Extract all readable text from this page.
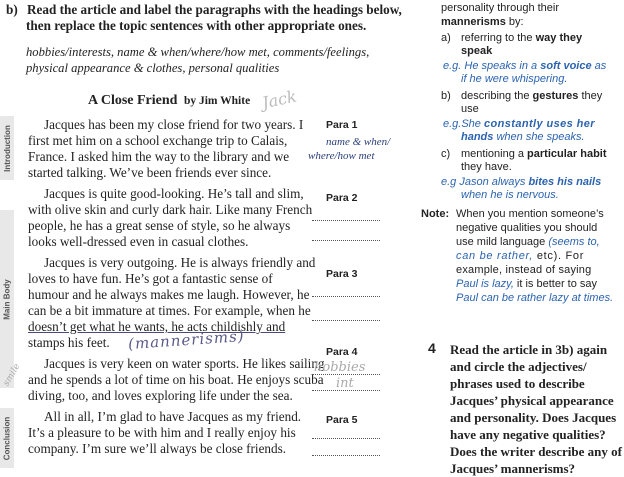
b) Read the article and label the paragraphs with the headings below,
then replace the topic sentences with other appropriate ones.
hobbies/interests, name & when/where/how met, comments/feelings,
physical appearance & clothes, personal qualities
A Close Friend by Jim White Jack
Introduction
Main Body
Conclusion
Jacques has been my close friend for two years. I
first met him on a school exchange trip to Calais,
France. I asked him the way to the library and we
started talking. We’ve been friends ever since.
Jacques is quite good-looking. He’s tall and slim,
with olive skin and curly dark hair. Like many French
people, he has a great sense of style, so he always
looks well-dressed even in casual clothes.
Jacques is very outgoing. He is always friendly and
loves to have fun. He’s got a fantastic sense of
humour and he always makes me laugh. However, he
can be a bit immature at times. For example, when he
doesn’t get what he wants, he acts childishly and
stamps his feet. (mannerisms)
smile Jacques is very keen on water sports. He likes sailing
and he spends a lot of time on his boat. He enjoys scuba
diving, too, and loves exploring life under the sea.
All in all, I’m glad to have Jacques as my friend.
It’s a pleasure to be with him and I really enjoy his
company. I’m sure we’ll always be close friends.
Para 1
name & when/
where/how met
Para 2
Para 3
Para 4
hobbies
int
Para 5
personality through their
mannerisms by:
a) referring to the way they
speak
e.g. He speaks in a soft voice as
if he were whispering.
b) describing the gestures they
use
e.g.She constantly uses her
hands when she speaks.
c) mentioning a particular habit
they have.
e.g Jason always bites his nails
when he is nervous.
Note: When you mention someone’s
negative qualities you should
use mild language (seems to,
can be rather, etc). For
example, instead of saying
Paul is lazy, it is better to say
Paul can be rather lazy at times.
4 Read the article in 3b) again
and circle the adjectives/
phrases used to describe
Jacques’ physical appearance
and personality. Does Jacques
have any negative qualities?
Does the writer describe any of
Jacques’ mannerisms?
